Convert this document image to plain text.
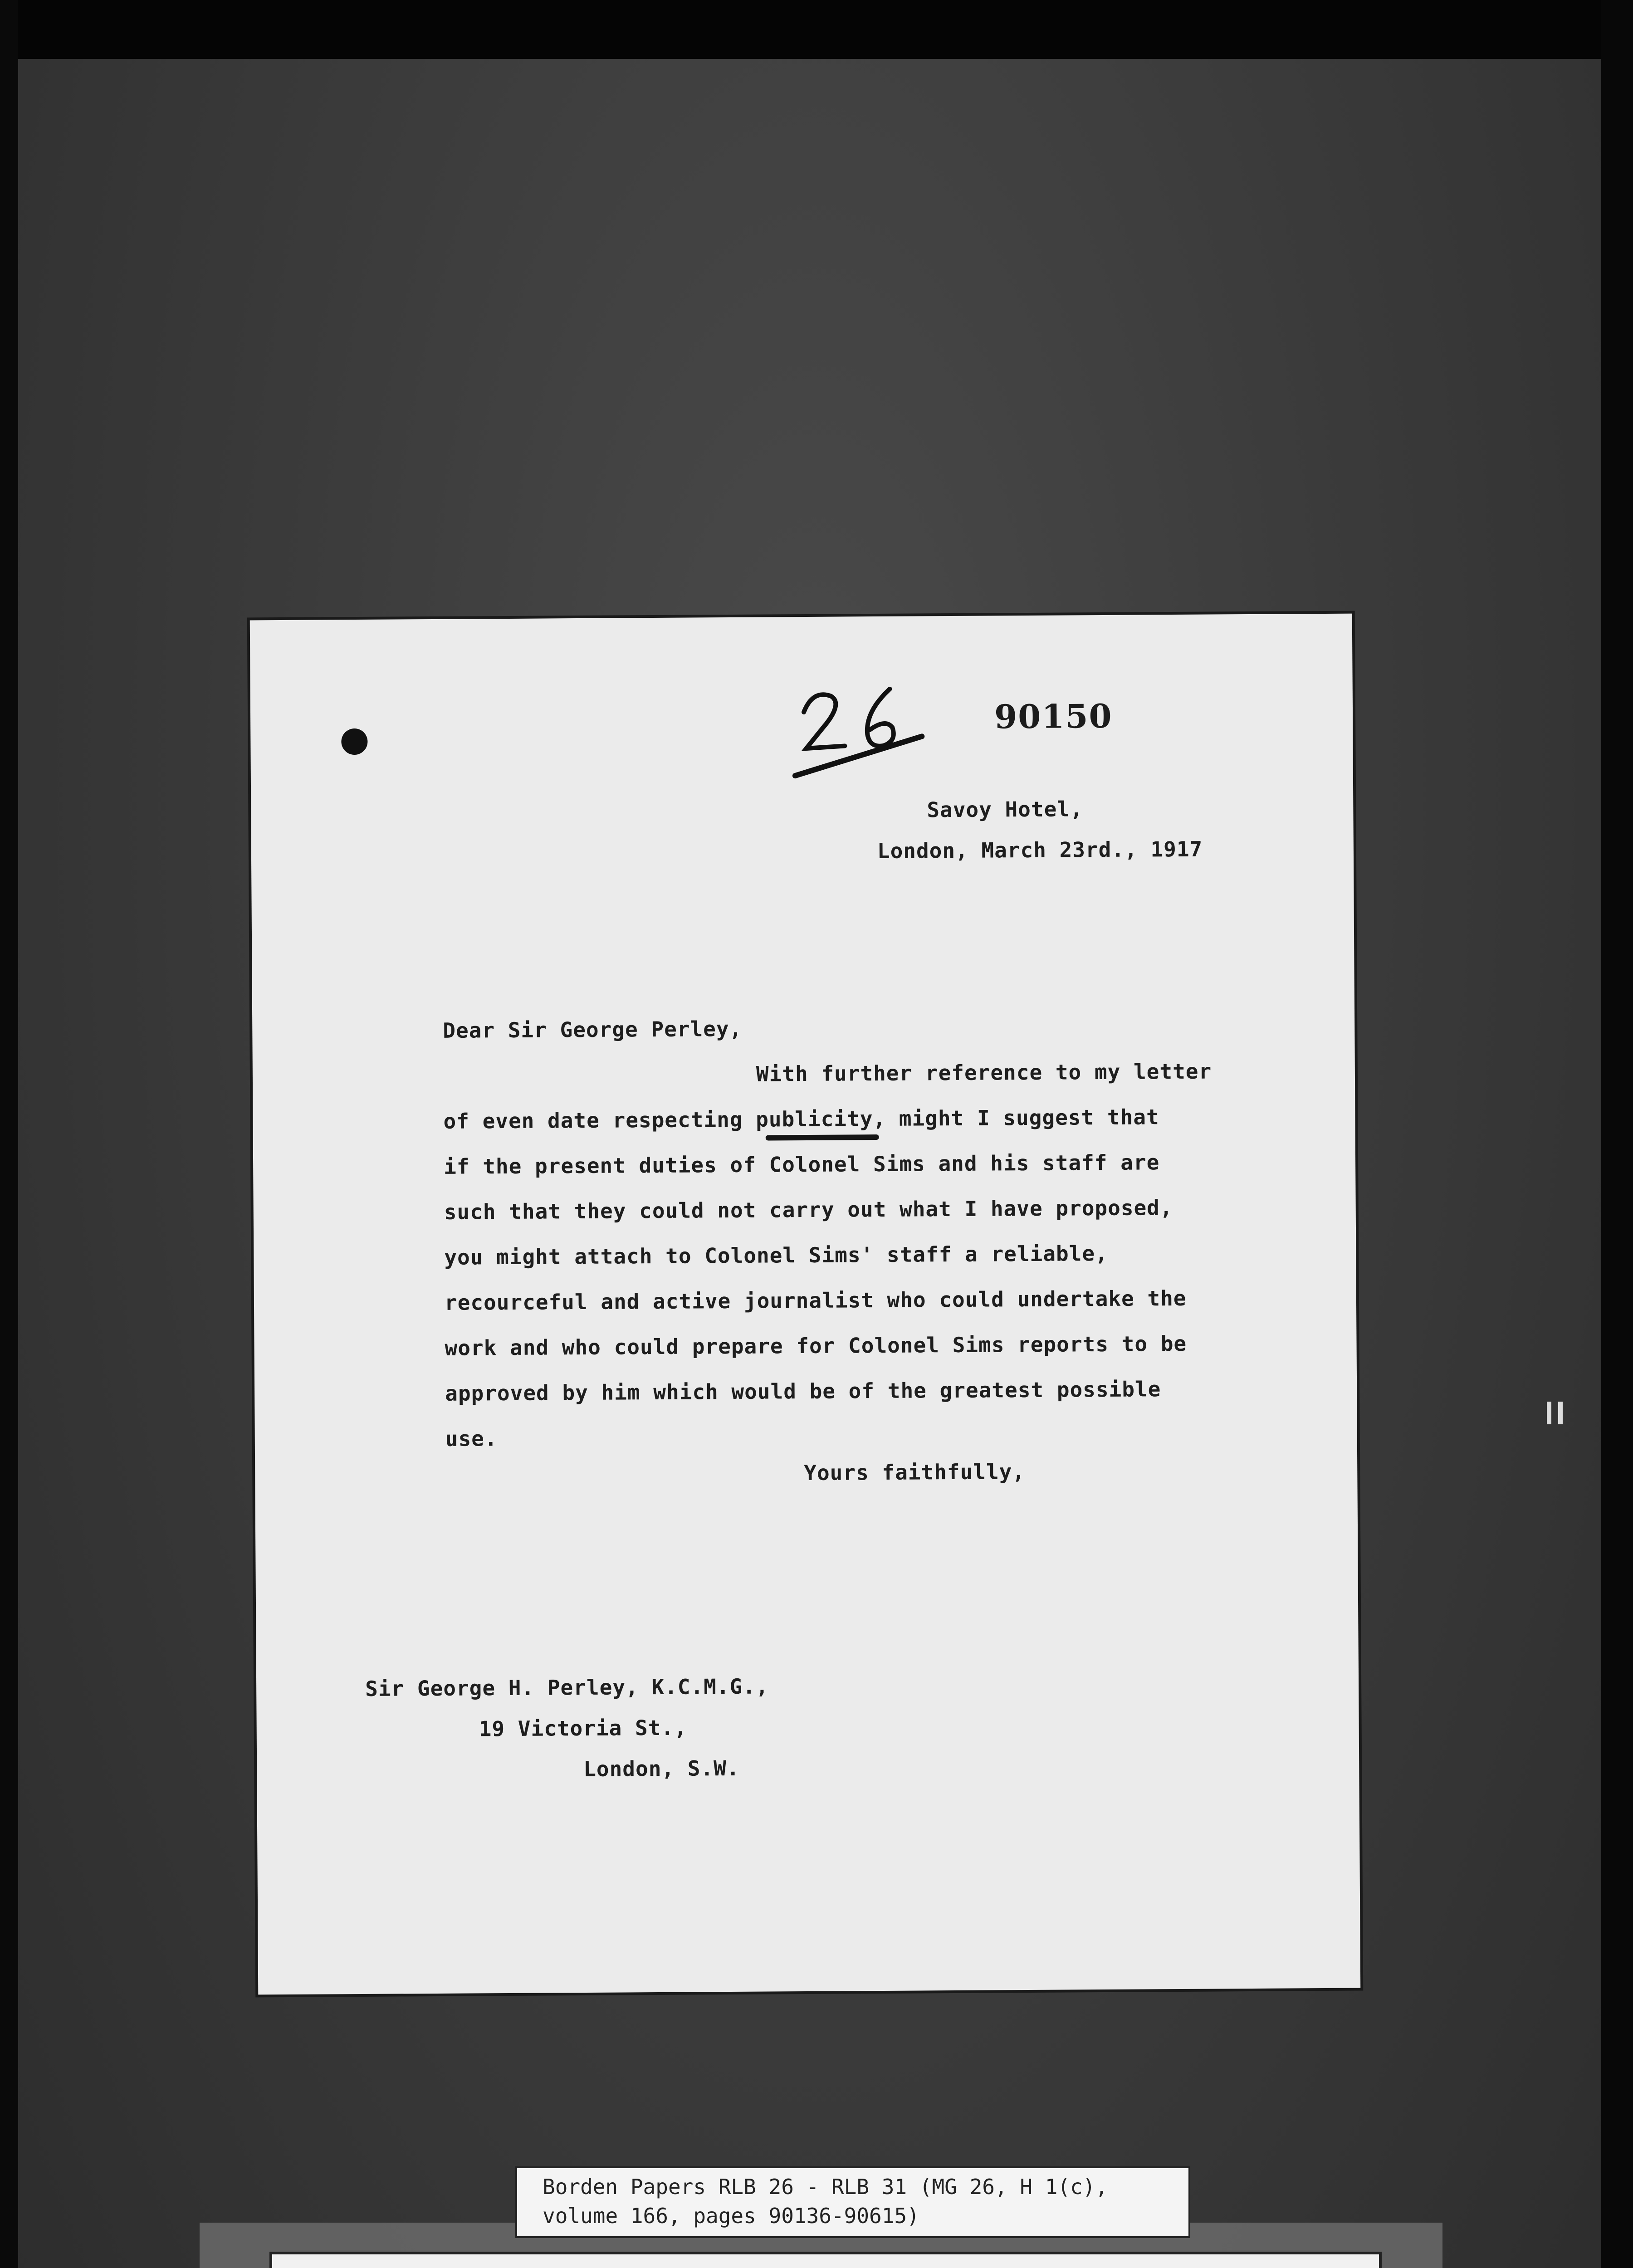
26
90150
Savoy Hotel,
London, March 23rd., 1917
Dear Sir George Perley,
With further reference to my letter
of even date respecting publicity, might I suggest that
if the present duties of Colonel Sims and his staff are
such that they could not carry out what I have proposed,
you might attach to Colonel Sims' staff a reliable,
recourceful and active journalist who could undertake the
work and who could prepare for Colonel Sims reports to be
approved by him which would be of the greatest possible
use.
Yours faithfully,
Sir George H. Perley, K.C.M.G.,
19 Victoria St.,
London, S.W.
Borden Papers RLB 26 - RLB 31 (MG 26, H 1(c),
volume 166, pages 90136-90615)
